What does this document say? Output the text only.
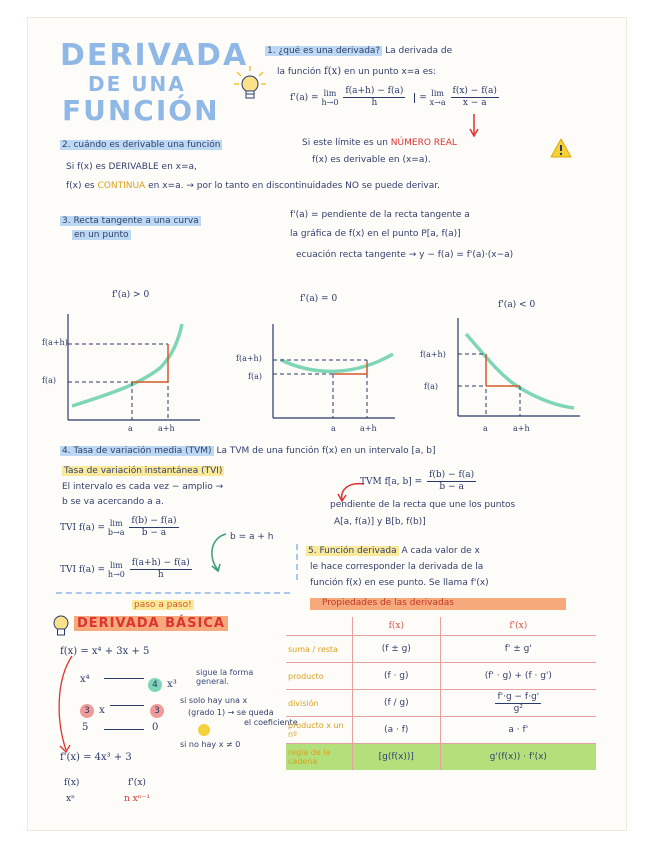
DERIVADA
DE UNA
FUNCIÓN
1. ¿qué es una derivada? La derivada de
la función f(x) en un punto x=a es:
f'(a) = lim
h→0
$\frac{f(a+h) - f(a)}{h} = \lim$
x→a
$\frac{f(x) - f(a)}{x - a}$
2. cuándo es derivable una función	Si este límite es un NÚMERO REAL
f(x) es derivable en (x=a).
Si f(x) es DERIVABLE en x=a,
f(x) es CONTINUA en x=a. → por lo tanto en discontinuidades NO se puede derivar.
3. Recta tangente a una curva
en un punto
f'(a) = pendiente de la recta tangente a
la gráfica de f(x) en el punto P[a, f(a)]
ecuación recta tangente → y − f(a) = f'(a)·(x−a)
f'(a) > 0	f'(a) = 0
f'(a) < 0
f(a+h)
f(a)
a	a+h
f(a+h)
f(a)
a	a+h
f(a+h)
f(a)
a	a+h
4. Tasa de variación media (TVM) La TVM de una función f(x) en un intervalo [a, b]
Tasa de variación instantánea (TVI)
El intervalo es cada vez − amplio →
b se va acercando a a.
TVM f[a, $b] = \frac{f(b) - f(a)}{b - a}$
pendiente de la recta que une los puntos
A[a, f(a)] y B[b, f(b)]
TVI f(a) = lim
b→a
$\frac{f(b) - f(a)}{b - a}$	b = a + h
TVI f(a) = lim
h→0
$\frac{f(a+h) - f(a)}{h}$
5. Función derivada A cada valor de x
le hace corresponder la derivada de la
función f(x) en ese punto. Se llama f'(x)
paso a paso!
DERIVADA BÁSICA
f(x) = x⁴ + 3x + 5
x⁴	4 x³
sigue la forma general.
3 x	3
si solo hay una x
(grado 1) → se queda
el coeficiente
5	0
si no hay x ≠ 0
f'(x) = 4x³ + 3
f(x)	f'(x)
xⁿ	n xⁿ⁻¹
Propiedades de las derivadas
	f(x)	f'(x)
suma / resta	(f ± g)	f' ± g'
producto	(f · g)	(f' · g) + (f · g')
división	(f / g)	$\frac{f'\cdot g - f\cdot g'}{\text{g²}}$

producto x un nº	(a · f)	a · f'
regla de la cadena	[g(f(x))]	g'(f(x)) · f'(x)
